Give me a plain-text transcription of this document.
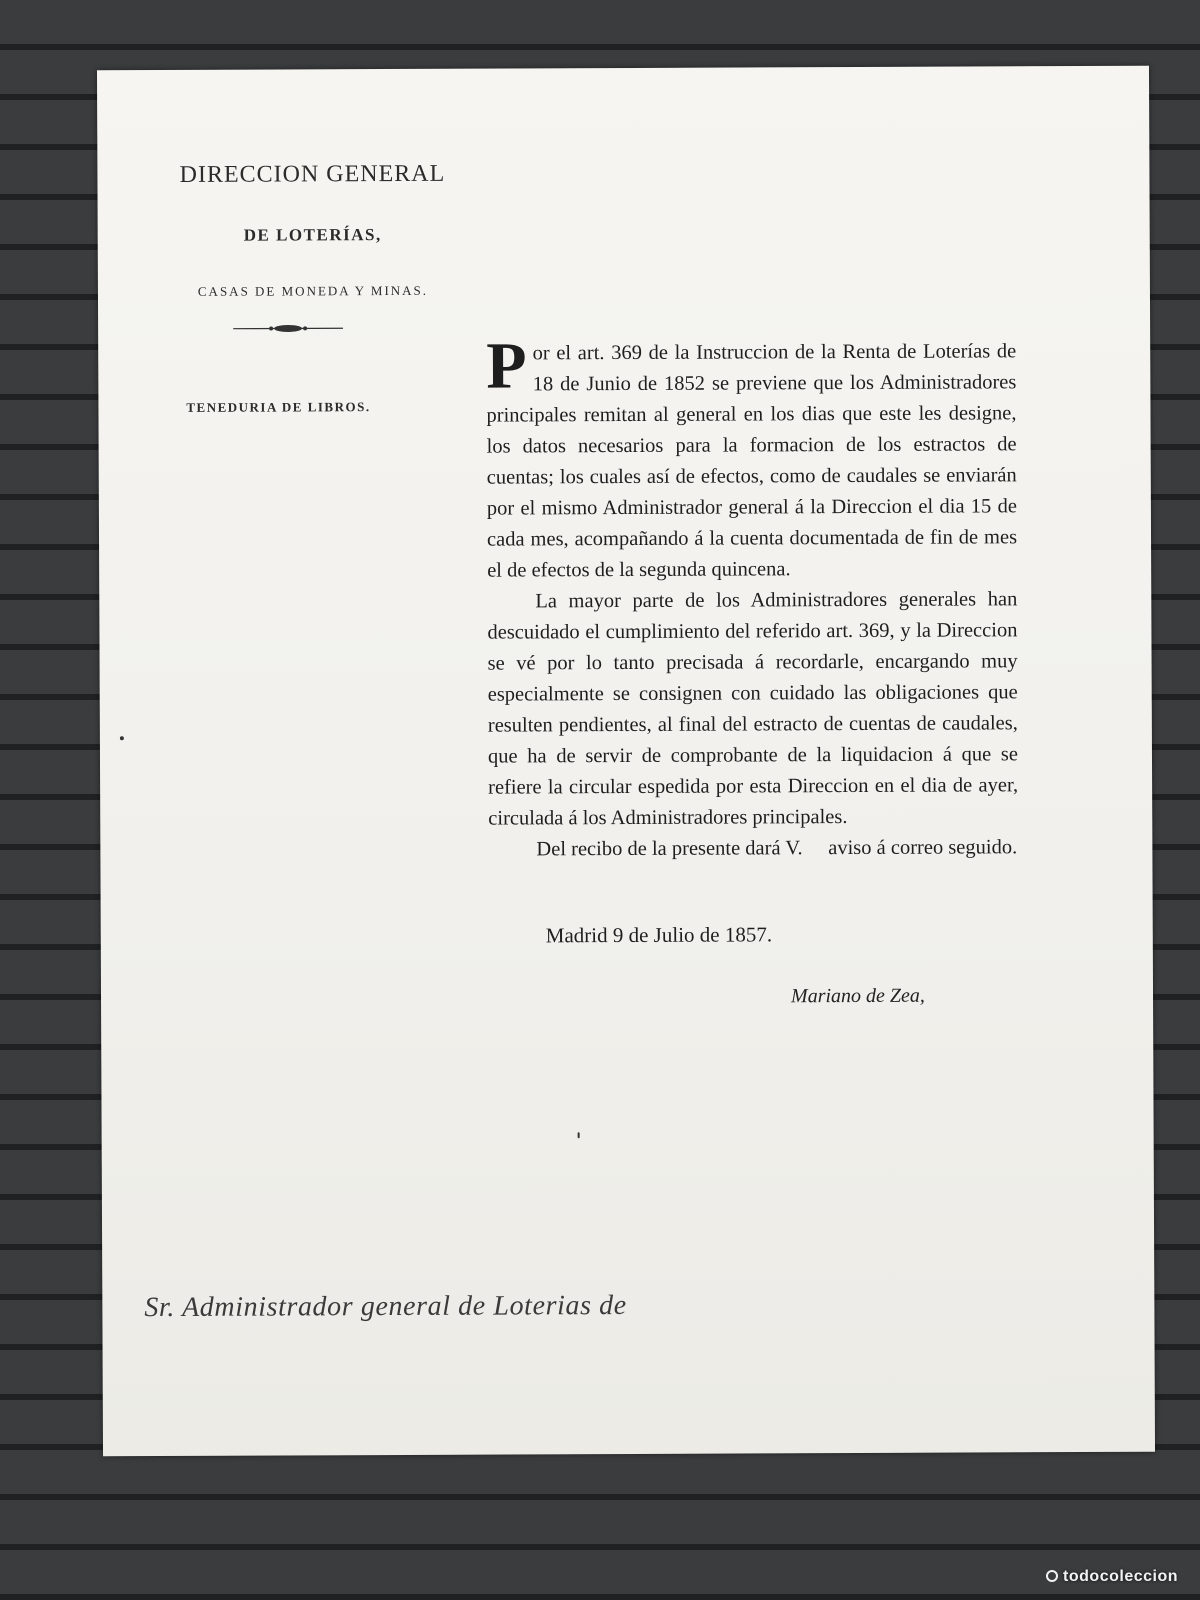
DIRECCION GENERAL
DE LOTERÍAS,
CASAS DE MONEDA Y MINAS.
TENEDURIA DE LIBROS.

Por el art. 369 de la Instruccion de la Renta de Loterías de 18 de Junio de 1852 se previene que los Administradores principales remitan al general en los dias que este les designe, los datos necesarios para la formacion de los estractos de cuentas; los cuales así de efectos, como de caudales se enviarán por el mismo Administrador general á la Direccion el dia 15 de cada mes, acompañando á la cuenta documentada de fin de mes el de efectos de la segunda quincena.

La mayor parte de los Administradores generales han descuidado el cumplimiento del referido art. 369, y la Direccion se vé por lo tanto precisada á recordarle, encargando muy especialmente se consignen con cuidado las obligaciones que resulten pendientes, al final del estracto de cuentas de caudales, que ha de servir de comprobante de la liquidacion á que se refiere la circular espedida por esta Direccion en el dia de ayer, circulada á los Administradores principales.

Del recibo de la presente dará V.     aviso á correo seguido.

Madrid 9 de Julio de 1857.
Mariano de Zea,
Sr. Administrador general de Loterias de
todocoleccion
